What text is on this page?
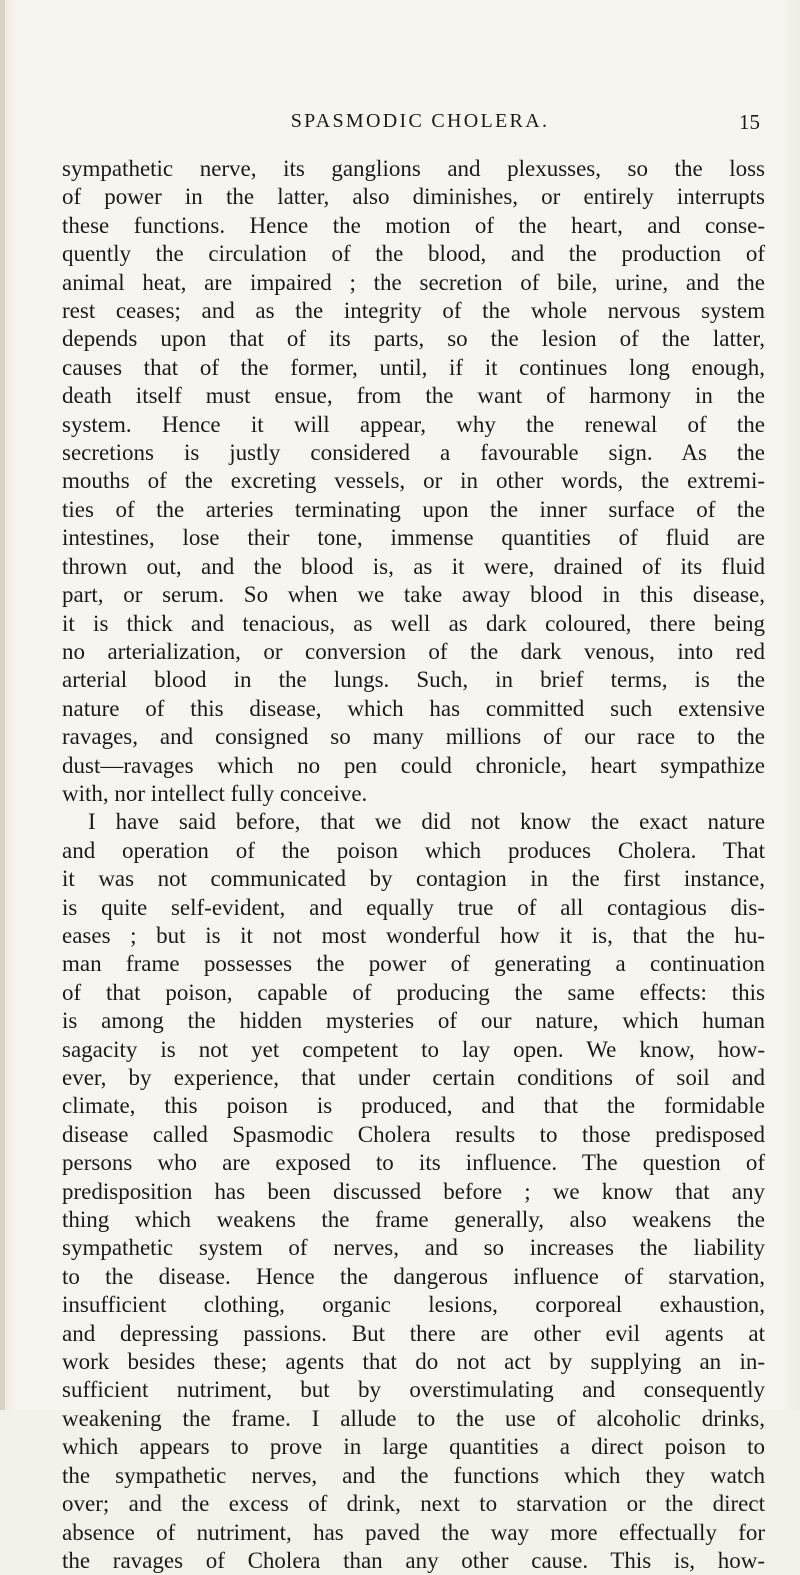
SPASMODIC CHOLERA.	15
sympathetic nerve, its ganglions and plexusses, so the loss
of power in the latter, also diminishes, or entirely interrupts
these functions. Hence the motion of the heart, and conse-
quently the circulation of the blood, and the production of
animal heat, are impaired ; the secretion of bile, urine, and the
rest ceases; and as the integrity of the whole nervous system
depends upon that of its parts, so the lesion of the latter,
causes that of the former, until, if it continues long enough,
death itself must ensue, from the want of harmony in the
system. Hence it will appear, why the renewal of the
secretions is justly considered a favourable sign. As the
mouths of the excreting vessels, or in other words, the extremi-
ties of the arteries terminating upon the inner surface of the
intestines, lose their tone, immense quantities of fluid are
thrown out, and the blood is, as it were, drained of its fluid
part, or serum. So when we take away blood in this disease,
it is thick and tenacious, as well as dark coloured, there being
no arterialization, or conversion of the dark venous, into red
arterial blood in the lungs. Such, in brief terms, is the
nature of this disease, which has committed such extensive
ravages, and consigned so many millions of our race to the
dust—ravages which no pen could chronicle, heart sympathize
with, nor intellect fully conceive.
I have said before, that we did not know the exact nature
and operation of the poison which produces Cholera. That
it was not communicated by contagion in the first instance,
is quite self-evident, and equally true of all contagious dis-
eases ; but is it not most wonderful how it is, that the hu-
man frame possesses the power of generating a continuation
of that poison, capable of producing the same effects: this
is among the hidden mysteries of our nature, which human
sagacity is not yet competent to lay open. We know, how-
ever, by experience, that under certain conditions of soil and
climate, this poison is produced, and that the formidable
disease called Spasmodic Cholera results to those predisposed
persons who are exposed to its influence. The question of
predisposition has been discussed before ; we know that any
thing which weakens the frame generally, also weakens the
sympathetic system of nerves, and so increases the liability
to the disease. Hence the dangerous influence of starvation,
insufficient clothing, organic lesions, corporeal exhaustion,
and depressing passions. But there are other evil agents at
work besides these; agents that do not act by supplying an in-
sufficient nutriment, but by overstimulating and consequently
weakening the frame. I allude to the use of alcoholic drinks,
which appears to prove in large quantities a direct poison to
the sympathetic nerves, and the functions which they watch
over; and the excess of drink, next to starvation or the direct
absence of nutriment, has paved the way more effectually for
the ravages of Cholera than any other cause. This is, how-
